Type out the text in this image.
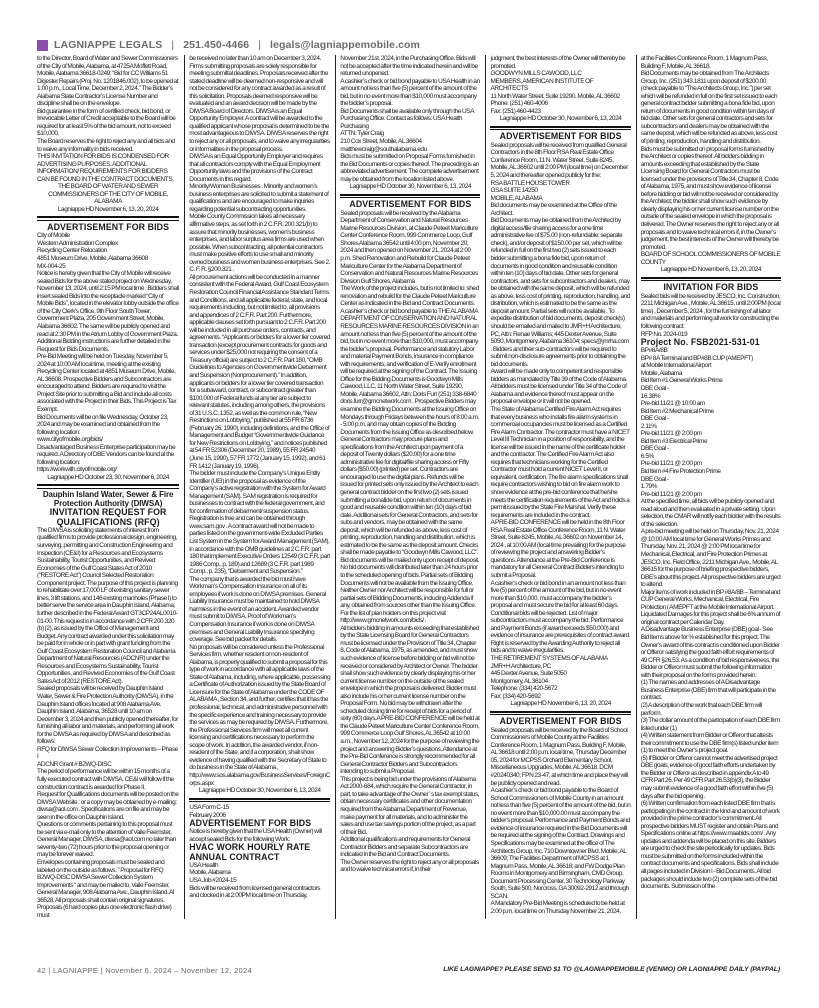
LAGNIAPPE LEGALS | 251.450-4466 | legals@lagniappemobile.com
to the Director, Board of Water and Sewer Commissioners of the City of Mobile, Alabama, at 4725A Moffett Road, Mobile, Alabama 36618-0249: “Bid for CC Williams 51 Digester Repairs (Proj. No. 1201846.002), to be opened at 1:00 p.m., Local Time, December 2, 2024.” The Bidder’s Alabama State Contractor’s License Number and discipline shall be on the envelope.
Bid guarantee in the form of certified check, bid bond, or Irrevocable Letter of Credit acceptable to the Board will be required for at least 5% of the bid amount, not to exceed $10,000.
The Board reserves the right to reject any and all bids and to waive any informality in bids received.
THIS INVITATION FOR BIDS IS CONDENSED FOR ADVERTISING PURPOSES. ADDITIONAL INFORMATION/ REQUIREMENTS FOR BIDDERS CAN BE FOUND IN THE CONTRACT DOCUMENTS.
THE BOARD OF WATER AND SEWER COMMISSIONERS OF THE CITY OF MOBILE, ALABAMA
Lagniappe HD November 6, 13, 20, 2024
ADVERTISEMENT FOR BIDS
City of Mobile
Western Administration Complex
Recycling Center Relocation
4851 Museum Drive, Mobile, Alabama 36608
MX-004-25
Notice is hereby given that the City of Mobile will receive sealed Bids for the above stated project on Wednesday, November 13, 2024, until 2:15 PM local time . Bidders shall insert sealed Bids into the receptacle marked “City of Mobile Bids”, located in the elevator lobby outside the office of the City Clerk’s Office, 9th Floor South Tower, Government Plaza, 205 Government Street, Mobile, Alabama 36602. The same will be publicly opened and read at 2:30 PM in the Atrium Lobby of Government Plaza. Additional Bidding instructions are further detailed in the Request for Bids Documents.
Pre-Bid Meeting will be held on Tuesday, November 5, 2024 at 10:00 AM local time, meeting at the existing Recycling Center located at 4851 Museum Drive, Mobile, AL 36608. Prospective Bidders and Subcontractors are encouraged to attend. Bidders are required to visit the Project Site prior to submitting a Bid and include all costs associated with the Project in their Bids. This Project is Tax Exempt.
Bid Documents will be on file Wednesday, October 23, 2024 and may be examined and obtained from the following location:
www.cityofmobile.org/bids/
Disadvantaged Business Enterprise participation may be required. A Directory of DBE Vendors can be found at the following location:
https://workwith.cityofmobile.org/
Lagniappe HD October 23, 30, November 6, 2024
Dauphin Island Water, Sewer & Fire Protection Authority (DIWSA)
INVITATION REQUEST FOR QUALIFICATIONS (RFQ)
The DIWSA is soliciting statements of interest from qualified firms to provide professional design, engineering, surveying, permitting and Construction Engineering and Inspection (CE&I) for a Resources and Ecosystems Sustainability, Tourist Opportunities, and Revived Economies of the Gulf Coast States Act of 2010 (“RESTORE Act”) Council Selected Restoration Component project. The purpose of this project is planning to rehabilitate over 17,000 LF of existing sanitary sewer lines, 3 lift stations, and 146 existing manholes (Phase I) to better serve the service area in Dauphin Island, Alabama; further described in the Federal Award GT3CP24AL0010-01-00. This request is in accordance with 2 CFR 200.320 (b) (2), as issued by the Office of Management and Budget. Any contract awarded under this solicitation may be paid for in whole or in part with grant funding from the Gulf Coast Ecosystem Restoration Council and Alabama Department of Natural Resources (ADCNR) under the Resources and Ecosystems Sustainability, Tourist Opportunities, and Revived Economies of the Gulf Coast Sates Act of 2012 (RESTORE Act).
Sealed proposals will be received by Dauphin Island Water, Sewer & Fire Protection Authority (DIWSA), in the Dauphin Island offices located at 908 Alabama Ave. Dauphin Island, Alabama, 36528 until 10 am on December 3, 2024 and then publicly opened thereafter, for furnishing all labor and materials, and performing all work for the DIWSA as required by DIWSA and described as follows:
RFQ for DIWSA Sewer Collection Improvements – Phase I
ADCNR Grant # B2WQ-DISC
The period of performance will be within 15 months of a fully executed contract with DIWSA. CE&I will follow if the construction contract is awarded for Phase II.
Request for Qualifications documents will be posted on the DIWSA Website : or a copy may be obtained by e-mailing: diwsa@aol.com . Specifications are on file and may be seen in the office on Dauphin Island.
Questions or comments pertaining to this proposal must be sent via e-mail only to the attention of Vaile Feemster, General Manager, DIWSA, diwsa@aol.com no later than seventy-two (72) hours prior to the proposal opening or may be forever waived.
Envelopes containing proposals must be sealed and labeled on the outside as follows: ” Proposal for RFQ B2WQ-DISC DIWSA Sewer Collection System Improvements ” and may be mailed to, Vaile Feemster, General Manager, 908 Alabama Ave., Dauphin Island, Al 36528. All proposals shall contain original signatures. Proposals (6 hard copies plus one electronic flash drive) must
be received no later than 10 am on December 3, 2024. Firms submitting proposals are solely responsible for meeting submittal deadlines. Proposals received after the stated deadline will be deemed non-responsive and will not be considered for any contract awarded as a result of this solicitation. Proposals deemed responsive will be evaluated and an award decision will be made by the DIWSA Board of Directors. DIWSA is an Equal Opportunity Employer. A contract will be awarded to the qualified applicant whose proposal is determined to be the most advantageous to DIWSA. DIWSA reserves the right to reject any or all proposals, and to waive any irregularities or informalities in the proposal process.
DIWSA is an Equal Opportunity Employer and requires that all contractors comply with the Equal Employment Opportunity laws and the provisions of the Contract Documents in this regard.
Minority/Women Businesses . Minority and women’s business enterprises are solicited to submit a statement of qualifications and are encouraged to make inquiries regarding potential subcontracting opportunities.
Mobile County Commission takes all necessary affirmative steps, as set forth in 2 C.F.R. 200.321(b) to assure that minority businesses, women’s business enterprises, and labor surplus area firms are used when possible. When subcontracting, all potential contractors must make positive efforts to use small and minority owned business and women business enterprises. See 2. C. F. R. §200.321 .
All procurement actions will be conducted in a manner consistent with the Federal Award, Gulf Coast Ecosystem Restoration Council Financial Assistance Standard Terms and Conditions, and all applicable federal, state, and local requirements including, but not limited to, all provisions and appendices of 2 C.F.R. Part 200. Furthermore, applicable clauses set forth pursuant to 2 C.F.R. Part 200 will be included in all purchase orders, contracts, and agreements. “Applicants or bidders for a lower tier covered transaction (except procurement contracts for goods and services under $25,000 not requiring the consent of a Treasury official) are subject to 2 C.F.R. Part 180, “OMB Guidelines to Agencies on Governmentwide Debarment and Suspension (Nonprocurement).” In addition, applicants or bidders for a lower tier covered transaction for a subaward, contract, or subcontract greater than $100,000 of Federal funds at any tier are subject to relevant statutes, including among others, the provisions of 31 U.S.C. 1352, as well as the common rule, “New Restrictions on Lobbying,” published at 55 FR 6736 (February 26, 1990), including definitions, and the Office of Management and Budget “Governmentwide Guidance for New Restrictions on Lobbying,” and notices published at 54 FR 52306 (December 20, 1989), 55 FR 24540 (June 15, 1990), 57 FR 1772 (January 15, 1992), and 61 FR 1412 (January 19, 1996).
The bidder must include the Company’s Unique Entity Identifier (UEI) in the proposal as evidence of the Company’s active registration with the System for Award Management (SAM). SAM registration is required for businesses to contract with the federal government, and for confirmation of debarment/ suspension status. Registration is free and can be obtained through www.sam.gov . A contract award will not be made to parties listed on the government-wide Excluded Parties List System in the System for Award Management (SAM), in accordance with the OMB guidelines at 2 C.F.R. part 180 that implement Executive Orders 12549 (3 C.F.R. part 1986 Comp., p. 189) and 12689 (3 C.F.R. part 1989 Comp., p. 235), “Debarment and Suspension.”
The company that is awarded the bid must have Workman’s Compensation Insurance on all of its employees if work is done on DIWSA premises. General Liability Insurance must be maintained to hold DIWSA harmless in the event of an accident. Awarded vendor must submit to DIWSA, Proof of Workman’s Compensation Insurance if work is done on DIWSA premises and General Liability Insurance specifying coverage. See bid packet for details.
No proposals will be considered unless the Professional Services firm, whether resident or non-resident of Alabama, is properly qualified to submit a proposal for this type of work in accordance with all applicable laws of the State of Alabama, including, where applicable, possessing a Certificate of Authorization issued by the State Board of Licensure for the State of Alabama under the CODE OF ALABAMA , Section 34, and further, certifies that it has the professional, technical, and administrative personnel with the specific experience and training necessary to provide the services as may be required by DIWSA. Furthermore, the Professional Services firm will meet all current licensing and certifications necessary to perform the scope of work. In addition, the awarded vendor, if non-resident of the State, and if a corporation, shall show evidence of having qualified with the Secretary of State to do business in the State of Alabama , http://www.sos.alabama.gov/BusinessServices/ForeignCorps.aspx
Lagniappe HD October 30, November 6, 13, 2024
USA Form C-15
February 2006
ADVERTISEMENT FOR BIDS
Notice is hereby given that the USA Health (Owner) will accept sealed Bids for the following Work:
HVAC WORK HOURLY RATE ANNUAL CONTRACT
USA Health
Mobile, Alabama
USA Job #2024-15
Bids will be received from licensed general contractors and clocked in at 2:00PM local time on Thursday,
November 21st, 2024, in the Purchasing Office. Bids will not be accepted after the time indicated herein and will be returned unopened.
A cashier’s check or bid bond payable to USA Health in an amount not less than five (5) percent of the amount of the bid, but in no event more than $10,000 must accompany the bidder’s proposal.
Bid Documents shall be available only through the USA Purchasing Office. Contact as follows: USA Health Purchasing
ATTN: Tyler Craig
210 Cox Street, Mobile, AL 36604
matthewcraig@southalabama.edu
Bids must be submitted on Proposal Forms furnished in the Bid Documents or copies thereof. The preceding is an abbreviated advertisement. The complete advertisement may be obtained from the location listed above.
Lagniappe HD October 30, November 6, 13, 2024
ADVERTISEMENT FOR BIDS
Sealed proposals will be received by the Alabama Department of Conservation and Natural Resources Marine Resources Division, at Claude Peteet Mariculture Center Conference Room, 999 Commerce Loop, Gulf Shores Alabama 36542 until 4:00 pm, November 20, 2024 and then opened on November 21, 2024 at 2:00 p.m. Shed Renovation and Rebuild for Claude Peteet Mariculture Center for the Alabama Department of Conservation and Natural Resources Marine Resources Division Gulf Shores, Alabama
The Work of the project includes, but is not limited to: shed renovation and rebuild for the Claude Peteet Mariculture Center as indicated in the Bid and Contract Documents.
A cashier’s check or bid bond payable to THE ALABAMA DEPARTMENT OF CONSERVATION AND NATURAL RESOURCES MARINE RESOURCES DIVISION in an amount not less than five (5) percent of the amount of the bid, but in no event more than $10,000, must accompany the bidder’s proposal. Performance and statutory Labor and material Payment Bonds, insurance in compliance with requirements, and verification of E-Verify enrollment will be required at the signing of the Contract. The Issuing Office for the Bidding Documents is Goodwyn Mills Cawood, LLC, 11 North Water Street, Suite 19290, Mobile, Alabama 36602, Attn: Doris Furr (251) 338-6840 doris.furr@gmcnetwork.com . Prospective Bidders may examine the Bidding Documents at the Issuing Office on Mondays through Fridays between the hours of 8:00 a.m. - 5:00 p.m. and may obtain copies of the Bidding Documents from the Issuing Office as described below.
General Contractors may procure plans and specifications from the Architect upon payment of a deposit of Twenty dollars ($20.00) for a one time administrative fee for digital/file sharing access or Fifty dollars ($50.00) (printed) per set. Contractors are encouraged to use the digital plans. Refunds will be issued for printed sets only issued by the Architect to each general contract bidder on the first two (2) sets issued submitting a bonafide bid, upon return of documents in good and reusable condition within ten (10) days of bid date. Additional sets for General Contractors, and sets for subs and vendors, may be obtained with the same deposit, which will be refunded as above, less cost of printing, reproduction, handling and distribution, which is estimated to be the same as the deposit amount. Checks shall be made payable to “Goodwyn Mills Cawood, LLC”. Bid documents will be mailed only upon receipt of deposit. No bid documents will distributed later than 24 hours prior to the scheduled opening of bids. Partial sets of Bidding Documents will not be available from the Issuing Office. Neither Owner nor Architect will be responsible for full or partial sets of Bidding Documents, including Addenda if any, obtained from sources other than the Issuing Office.
For the list of plan holders on this project visit http://www.gmcnetwork.com/bids/ .
All bidders bidding in amounts exceeding that established by the State Licensing Board for General Contractors must be licensed under the Provision of Title 34, Chapter 8, Code of Alabama, 1975, as amended, and must show such evidence of license before bidding or bid will not be received or considered by Architect or Owner. The bidder shall show such evidence by clearly displaying his or her current license number on the outside of the sealed envelope in which the proposal is delivered; Bidder must also include his or her current license number on the Proposal Form. No bid may be withdrawn after the scheduled closing time for receipt of bids for a period of sixty (60) days.A PRE-BID CONFERENCE will be held at the Claude Peteet Mariculture Center Conference Room, 999 Commerce Loop Gulf Shores, AL 36542 at 10:00 a.m., November 12, 2024 for the purpose of reviewing the project and answering Bidder’s questions. Attendance at the Pre-Bid Conference is strongly recommended for all General Contractor Bidders and Subcontractors intending to submit a Proposal.
This project is being bid under the provisions of Alabama Act 2000-684, which require the General Contractor, in part, to take advantage of the Owner ’ s tax exempt status, obtain necessary certificates and other documentation required from the Alabama Department of Revenue, make payment for all materials, and to administer the sales and use tax savings portion of the project, as a part of their Bid.
Additional qualifications and requirements for General Contractor Bidders and separate Subcontractors are indicated in the Bid and Contract Documents.
The Owner reserves the right to reject any or all proposals and to waive technical errors if, in their
judgment, the best interests of the Owner will thereby be promoted.
GOODWYN MILLS CAWOOD, LLC
MEMBERS, AMERICAN INSTITUTE OF ARCHITECTS
11 North Water Street, Suite 19290, Mobile, AL 36602
Phone: (251) 460-4006
Fax: (251) 460-4423
Lagniappe HD October 30, November 6, 13, 2024
ADVERTISEMENT FOR BIDS
Sealed proposals will be received from qualified General Contractors in the 8th Floor RSA Real Estate Office Conference Room, 11 N. Water Street, Suite 8245, Mobile, AL 36602 until 2:00 PM (local time) on December 5, 2024 and thereafter opened publicly for the:
RSA BATTLE HOUSE TOWER
GSA SUITE 14250
MOBILE, ALABAMA
Bid documents may be examined at the Office of the Architect.
Bid Documents may be obtained from the Architect by digital access/file sharing access for a one time administrative fee of $75.00 (non-refundable; separate check), and/or deposit of $150.00 per set, which will be refunded in full on the first two (2) sets issued to each bidder submitting a bona fide bid, upon return of documents in good condition and reusable condition within ten (10) days of bid date. Other sets for general contractors, and sets for subcontractors and dealers, may be obtained with the same deposit, which will be refunded as above, less cost of printing, reproduction, handling, and distribution, which is estimated to be the same as the deposit amount. Partial sets will not be available . To expedite distribution of bid documents, deposit check(s) should be emailed and mailed to JMR+H Architecture, PC, Attn: Renae Williams; 445 Dexter Avenue, Suite 5050, Montgomery, Alabama 36104; specs@jmrha.com . Bidders and their sub-contractors will be required to submit non-disclosure agreements prior to obtaining the bid documents.
Award will be made only to competent and responsible bidders as mandated by Title 39 of the Code of Alabama. All bidders must be licensed under Title 34 of the Code of Alabama and evidence thereof must appear on the proposal envelope or it will not be opened.
The State of Alabama Certified Fire Alarm Act requires that every business who installs fire alarm systems in commercial occupancies must be licensed as a Certified Fire Alarm Contractor. The contractor must have a NICET Level III Technician in a position of responsibility, and the license will be issued in the name of the certificate holder and the contractor. The Certified Fire Alarm Act also requires that technicians working for the Certified Contractor must hold a current NICET Level II, or equivalent, certification. The fire alarm specifications shall require contractors wishing to bid on fire alarm work to show evidence at the pre-bid conference that he/she meets the certification requirements of the Act and holds a permit issued by the State Fire Marshal. Verify these requirements are included in the contract.
A PRE-BID CONFERENCE will be held in the 8th Floor RSA Real Estate Office Conference Room, 11 N. Water Street, Suite 8245, Mobile, AL 36602 on November 14, 2024 , at 10:00 AM (local time prevailing) for the purpose of reviewing the project and answering Bidder’s questions. Attendance at the Pre-Bid Conference is mandatory for all General Contract Bidders intending to submit a Proposal.
A cashier’s check or bid bond in an amount not less than five (5) percent of the amount of the bid, but in no event more than $10,000, must accompany the bidder’s proposal and must secure the bid for at least 60 days. Conditional bids will be rejected. List of major subcontractors must accompany the bid. Performance and Payment Bonds (if award exceeds $50,000) and evidence of insurance are prerequisites of contract award. Right is reserved by the Awarding Authority to reject all bids and to waive irregularities.
THE RETIREMENT SYSTEMS OF ALABAMA
JMR+H Architecture, PC
445 Dexter Avenue, Suite 5050
Montgomery, AL 36104
Telephone: (334) 420-5672
Fax: (334) 420-5692
Lagniappe HD November 6, 13, 20, 2024
ADVERTISEMENT FOR BIDS
Sealed proposals will be received by the Board of School Commissioners of Mobile County at the Facilities Conference Room, 1 Magnum Pass, Building F, Mobile, AL 36618 until 2:00 p.m. local time, Thursday December 05, 2024 for MCPSS Orchard Elementary School, Miscellaneous Upgrades, Mobile, AL 36618. DCM #20240340; FPN 23-47; at which time and place they will be publicly opened and read.
A cashier’s check or bid bond payable to the Board of School Commissioners of Mobile County in an amount not less than five (5) percent of the amount of the bid, but in no event more than $10,000.00 must accompany the bidder’s proposal. Performance and Payment Bonds and evidence of insurance required in the Bid Documents will be required at the signing of the Contract. Drawings and Specifications may be examined at the office of The Architects Group, Inc. 710 Downtowner Blvd. Mobile, AL 36609; The Facilities Department of MCPSS at 1 Magnum Pass, Mobile, AL 36618; and FW Dodge Plan Rooms in Montgomery and Birmingham, CMD Group, Document Processing Center, 30 Technology Parkway South, Suite 500, Norcross, GA 30092-2912 and through SCAN.
A Mandatory Pre-Bid Meeting is scheduled to be held at 2:00 p.m. local time on Thursday November 21, 2024,
at the Facilities Conference Room, 1 Magnum Pass, Building F, Mobile, AL 36618.
Bid Documents may be obtained from The Architects Group, Inc. (251) 343.1811 upon deposit of $200.00 (check payable to “The Architects Group, Inc.”) per set which will be refunded in full on the first set issued to each general contract bidder submitting a bona fide bid, upon return of documents in good condition within ten days of bid date. Other sets for general contractors and sets for subcontractors and dealers may be obtained with the same deposit, which will be refunded as above, less cost of printing, reproduction, handling and distribution.
Bids must be submitted on proposal forms furnished by the Architect or copies thereof. All bidders bidding in amounts exceeding that established by the State Licensing Board for General Contractors must be licensed under the provisions of Title 34, Chapter 8, Code of Alabama, 1975, and must show evidence of license before bidding or bid will not be received or considered by the Architect; the bidder shall show such evidence by clearly displaying his or her current license number on the outside of the sealed envelope in which the proposal is delivered. The Owner reserves the right to reject any or all proposals and to waive technical errors if, in the Owner’s judgement, the best interests of the Owner will thereby be promoted.
BOARD OF SCHOOL COMMISSIONERS OF MOBILE COUNTY
Lagniappe HD November 6, 13, 20, 2024
INVITATION FOR BIDS
Sealed bids will be received by JESCO, Inc. Construction, 2211 Michigan Ave., Mobile, AL 36615, until 2:00PM (local time) , December 5, 2024 , for the furnishing of all labor and materials and performing all work for constructing the following contract:
RFP No. 2024-019
Project No. FSB2021-531-01
BP#8A/8B
BP# 8A Terminal and BP#8B CUP (AMEPFT)
at Mobile International Airport
Mobile, Alabama
Bid Item #1 General Works Prime
DBE Goal -
16.38%
Pre-bid 11/21 @ 10:00 am
Bid Item #2 Mechanical Prime
DBE Goal -
2.11%
Pre-bid 11/21 @ 2:00 pm
Bid Item #3 Electrical Prime
DBE Goal -
6.5%
Pre-bid 11/21 @ 2:00 pm
Bid Item #4 Fire Protection Prime
DBE Goal -
1.79%
Pre-bid 11/21 @ 2:00 pm
At the specified time, all bids will be publicly opened and read aloud and then evaluated in a private setting. Upon selection, the CMAR will notify each bidder with the results of the selection.
A pre-bid meeting will be held on Thursday, Nov. 21, 2024 @ 10:00 AM local time for General Works Primes and Thursday, Nov. 21, 2024 @ 2:00 PM local time for Mechanical, Electrical, and Fire Protection Primes at JESCO, Inc. Field Office, 2211 Michigan Ave., Mobile, AL 36615 for the purpose of briefing prospective bidders, DBE’s about this project. All prospective bidders are urged to attend.
Major items of work included in BP #8A/8B – Terminal and CUP General Works, Mechanical, Electrical, Fire Protection ( AMEPFT at the Mobile International Airport. Liquidated Damages for this project shall be 6% annum of original contract per Calendar Day.
A Disadvantage Business Enterprise (DBE) goal - See Bid Items above for % established for this project. The Owner’s award of this contract is conditioned upon Bidder or Offeror satisfying the good faith effort requirements of 49 CFR §26.53. As a condition of bid responsiveness, the Bidder or Offeror must submit the following information with their proposal on the forms provided herein:
(1) The names and addresses of A Disadvantage Business Enterprise (DBE) firm that will participate in the contract.
(2) A description of the work that each DBE firm will perform.
(3) The dollar amount of the participation of each DBE firm listed under (1)
(4) Written statement from Bidder or Offeror that attests their commitment to use the DBE firm(s) listed under item (1) to meet the Owner’s project goal.
(5) If Bidder or Offeror cannot meet the advertised project DBE goals; evidence of good faith efforts undertaken by the Bidder or Offeror as described in appendix A to 49 CFR Part 26. Per 49 CFR Part 26.53(b)(3), the Bidder may submit evidence of a good faith effort within five (5) days after the bid opening .
(6) Written confirmation from each listed DBE firm that is participating in the contract in the kind and amount of work provided in the prime contractor’s commitment. All prospective bidders MUST register and obtain Plans and Specifications online at https://www.maabids.com/ . Any updates and addenda will be placed on this site. Bidders are urged to check the site periodically for updates. Bids must be submitted on the forms included within the contract documents and specifications. Bids shall include all pages included in Division I - Bid Documents. All bid packages should include two (2) complete sets of the bid documents. Submission of the
42 | LAGNIAPPE | November 6, 2024 – November 12, 2024	LIKE LAGNIAPPE? PLEASE SEND $1 TO @LAGNIAPPEMOBILE (VENMO) OR LAGNIAPPE DAILY (PAYPAL)
